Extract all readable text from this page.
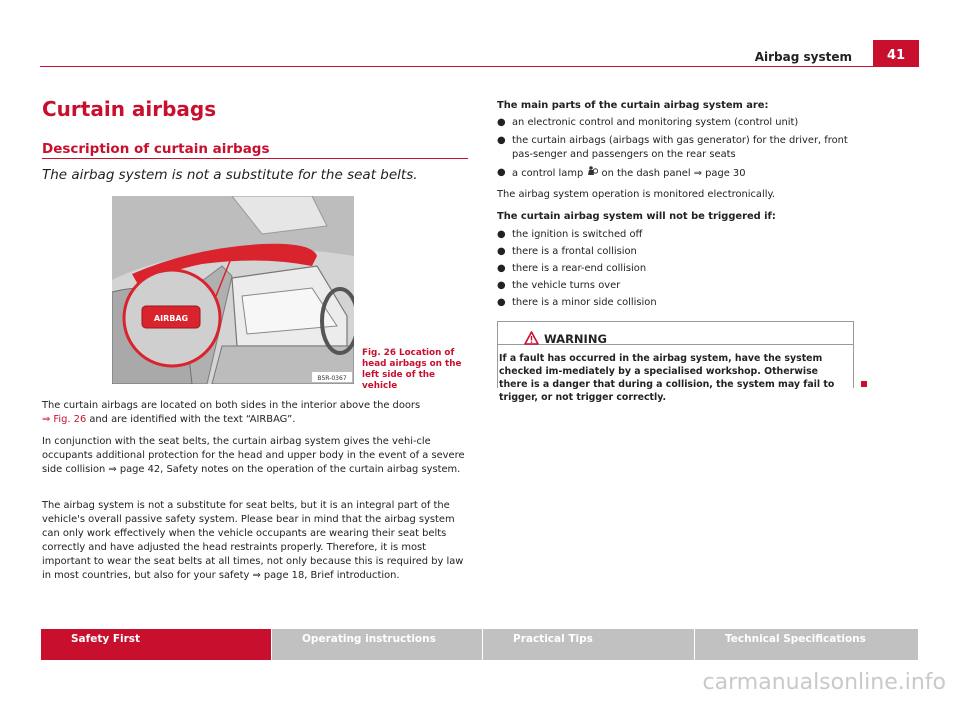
Airbag system	41
Curtain airbags
Description of curtain airbags
The airbag system is not a substitute for the seat belts.
AIRBAG
B5R-0367
Fig. 26 Location of head airbags on the left side of the vehicle

The curtain airbags are located on both sides in the interior above the doors
⇒ Fig. 26 and are identified with the text “AIRBAG”.

In conjunction with the seat belts, the curtain airbag system gives the vehi-cle occupants additional protection for the head and upper body in the event of a severe side collision ⇒ page 42, Safety notes on the operation of the curtain airbag system.

The airbag system is not a substitute for seat belts, but it is an integral part of the vehicle's overall passive safety system. Please bear in mind that the airbag system can only work effectively when the vehicle occupants are wearing their seat belts correctly and have adjusted the head restraints properly. Therefore, it is most important to wear the seat belts at all times, not only because this is required by law in most countries, but also for your safety ⇒ page 18, Brief introduction.

The main parts of the curtain airbag system are:

● an electronic control and monitoring system (control unit)
● the curtain airbags (airbags with gas generator) for the driver, front pas-senger and passengers on the rear seats
● a control lamp  on the dash panel ⇒ page 30

The airbag system operation is monitored electronically.

The curtain airbag system will not be triggered if:

● the ignition is switched off
● there is a frontal collision
● there is a rear-end collision
● the vehicle turns over
● there is a minor side collision
WARNING
If a fault has occurred in the airbag system, have the system checked im-mediately by a specialised workshop. Otherwise there is a danger that during a collision, the system may fail to trigger, or not trigger correctly.
Safety First	Operating instructions	Practical Tips	Technical Specifications
carmanualsonline.info
